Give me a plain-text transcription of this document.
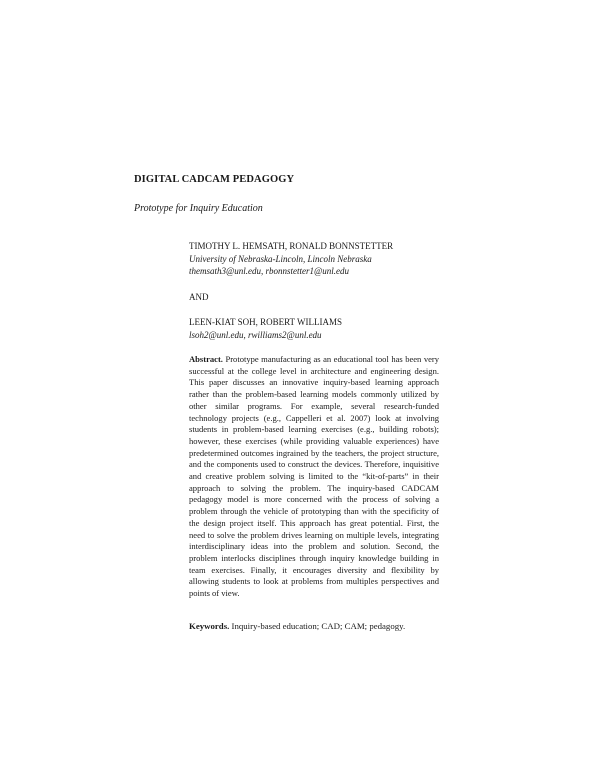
DIGITAL CADCAM PEDAGOGY

Prototype for Inquiry Education

TIMOTHY L. HEMSATH, RONALD BONNSTETTER
University of Nebraska-Lincoln, Lincoln Nebraska
themsath3@unl.edu, rbonnstetter1@unl.edu
AND
LEEN-KIAT SOH, ROBERT WILLIAMS
lsoh2@unl.edu, rwilliams2@unl.edu

Abstract. Prototype manufacturing as an educational tool has been very successful at the college level in architecture and engineering design. This paper discusses an innovative inquiry-based learning approach rather than the problem-based learning models commonly utilized by other similar programs. For example, several research-funded technology projects (e.g., Cappelleri et al. 2007) look at involving students in problem-based learning exercises (e.g., building robots); however, these exercises (while providing valuable experiences) have predetermined outcomes ingrained by the teachers, the project structure, and the components used to construct the devices. Therefore, inquisitive and creative problem solving is limited to the “kit-of-parts” in their approach to solving the problem. The inquiry-based CADCAM pedagogy model is more concerned with the process of solving a problem through the vehicle of prototyping than with the specificity of the design project itself. This approach has great potential. First, the need to solve the problem drives learning on multiple levels, integrating interdisciplinary ideas into the problem and solution. Second, the problem interlocks disciplines through inquiry knowledge building in team exercises. Finally, it encourages diversity and flexibility by allowing students to look at problems from multiples perspectives and points of view.

Keywords. Inquiry-based education; CAD; CAM; pedagogy.
